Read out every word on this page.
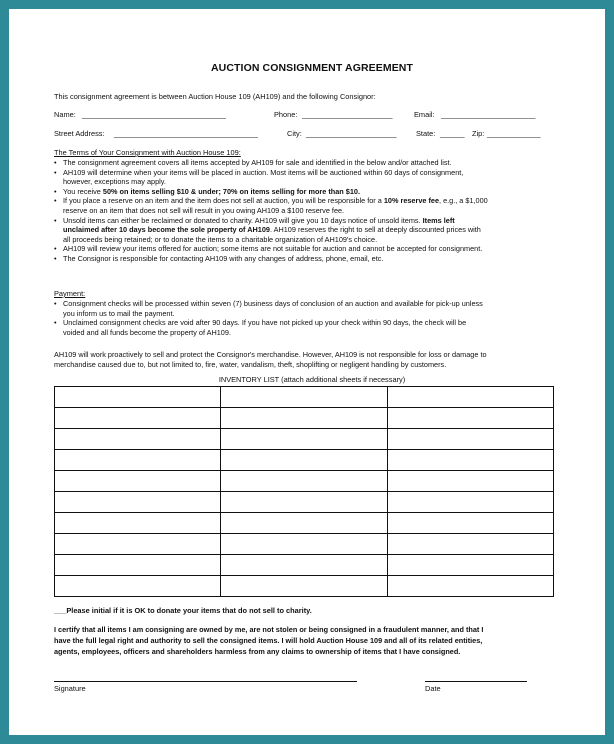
AUCTION CONSIGNMENT AGREEMENT
This consignment agreement is between Auction House 109 (AH109) and the following Consignor:
Name: ___________________________________	Phone: ______________________	Email: _______________________
Street Address: ___________________________________	City: ______________________	State: ______ Zip: _____________
The Terms of Your Consignment with Auction House 109:
• The consignment agreement covers all items accepted by AH109 for sale and identified in the below and/or attached list.
• AH109 will determine when your items will be placed in auction. Most items will be auctioned within 60 days of consignment,
however, exceptions may apply.
• You receive 50% on items selling $10 & under; 70% on items selling for more than $10.
• If you place a reserve on an item and the item does not sell at auction, you will be responsible for a 10% reserve fee, e.g., a $1,000
reserve on an item that does not sell will result in you owing AH109 a $100 reserve fee.
• Unsold items can either be reclaimed or donated to charity. AH109 will give you 10 days notice of unsold items. Items left
unclaimed after 10 days become the sole property of AH109. AH109 reserves the right to sell at deeply discounted prices with
all proceeds being retained; or to donate the items to a charitable organization of AH109's choice.
• AH109 will review your items offered for auction; some items are not suitable for auction and cannot be accepted for consignment.
• The Consignor is responsible for contacting AH109 with any changes of address, phone, email, etc.
Payment:
• Consignment checks will be processed within seven (7) business days of conclusion of an auction and available for pick-up unless
you inform us to mail the payment.
• Unclaimed consignment checks are void after 90 days. If you have not picked up your check within 90 days, the check will be
voided and all funds become the property of AH109.
AH109 will work proactively to sell and protect the Consignor's merchandise. However, AH109 is not responsible for loss or damage to
merchandise caused due to, but not limited to, fire, water, vandalism, theft, shoplifting or negligent handling by customers.
INVENTORY LIST (attach additional sheets if necessary)

___Please initial if it is OK to donate your items that do not sell to charity.
I certify that all items I am consigning are owned by me, are not stolen or being consigned in a fraudulent manner, and that I
have the full legal right and authority to sell the consigned items. I will hold Auction House 109 and all of its related entities,
agents, employees, officers and shareholders harmless from any claims to ownership of items that I have consigned.
Signature	Date
